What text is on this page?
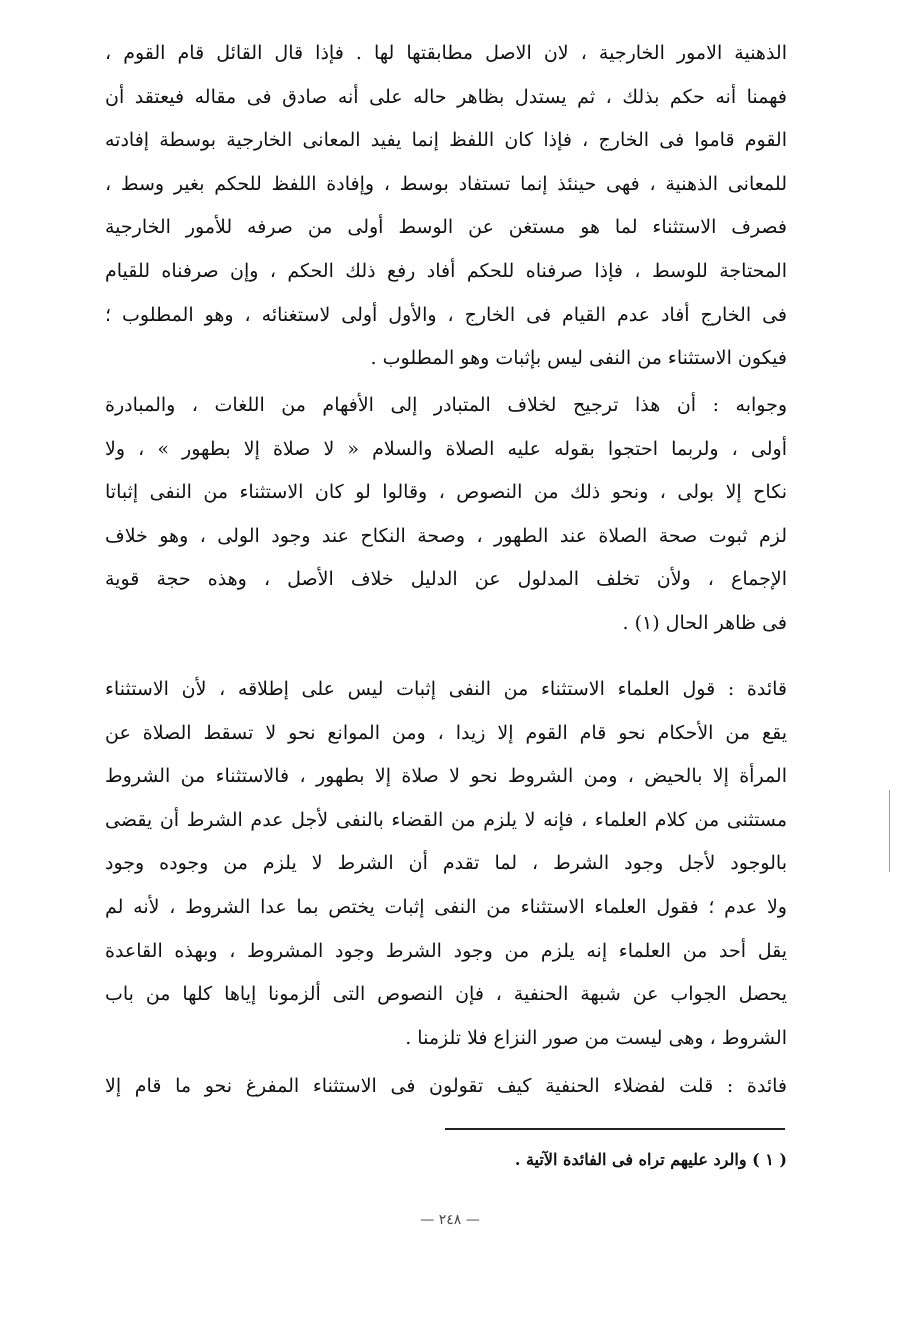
الذهنية الامور الخارجية ، لان الاصل مطابقتها لها . فإذا قال القائل قام القوم ،
فهمنا أنه حكم بذلك ، ثم يستدل بظاهر حاله على أنه صادق فى مقاله فيعتقد أن
القوم قاموا فى الخارج ، فإذا كان اللفظ إنما يفيد المعانى الخارجية بوسطة إفادته
للمعانى الذهنية ، فهى حينئذ إنما تستفاد بوسط ، وإفادة اللفظ للحكم بغير وسط ،
فصرف الاستثناء لما هو مستغن عن الوسط أولى من صرفه للأمور الخارجية
المحتاجة للوسط ، فإذا صرفناه للحكم أفاد رفع ذلك الحكم ، وإن صرفناه للقيام
فى الخارج أفاد عدم القيام فى الخارج ، والأول أولى لاستغنائه ، وهو المطلوب ؛
فيكون الاستثناء من النفى ليس بإثبات وهو المطلوب .
وجوابه : أن هذا ترجيح لخلاف المتبادر إلى الأفهام من اللغات ، والمبادرة
أولى ، ولربما احتجوا بقوله عليه الصلاة والسلام « لا صلاة إلا بطهور » ، ولا
نكاح إلا بولى ، ونحو ذلك من النصوص ، وقالوا لو كان الاستثناء من النفى إثباتا
لزم ثبوت صحة الصلاة عند الطهور ، وصحة النكاح عند وجود الولى ، وهو خلاف
الإجماع ، ولأن تخلف المدلول عن الدليل خلاف الأصل ، وهذه حجة قوية
فى ظاهر الحال (١) .
قائدة : قول العلماء الاستثناء من النفى إثبات ليس على إطلاقه ، لأن الاستثناء
يقع من الأحكام نحو قام القوم إلا زيدا ، ومن الموانع نحو لا تسقط الصلاة عن
المرأة إلا بالحيض ، ومن الشروط نحو لا صلاة إلا بطهور ، فالاستثناء من الشروط
مستثنى من كلام العلماء ، فإنه لا يلزم من القضاء بالنفى لأجل عدم الشرط أن يقضى
بالوجود لأجل وجود الشرط ، لما تقدم أن الشرط لا يلزم من وجوده وجود
ولا عدم ؛ فقول العلماء الاستثناء من النفى إثبات يختص بما عدا الشروط ، لأنه لم
يقل أحد من العلماء إنه يلزم من وجود الشرط وجود المشروط ، وبهذه القاعدة
يحصل الجواب عن شبهة الحنفية ، فإن النصوص التى ألزمونا إياها كلها من باب
الشروط ، وهى ليست من صور النزاع فلا تلزمنا .
فائدة : قلت لفضلاء الحنفية كيف تقولون فى الاستثناء المفرغ نحو ما قام إلا
( ١ ) والرد عليهم تراه فى الفائدة الآتية .
— ٢٤٨ —
